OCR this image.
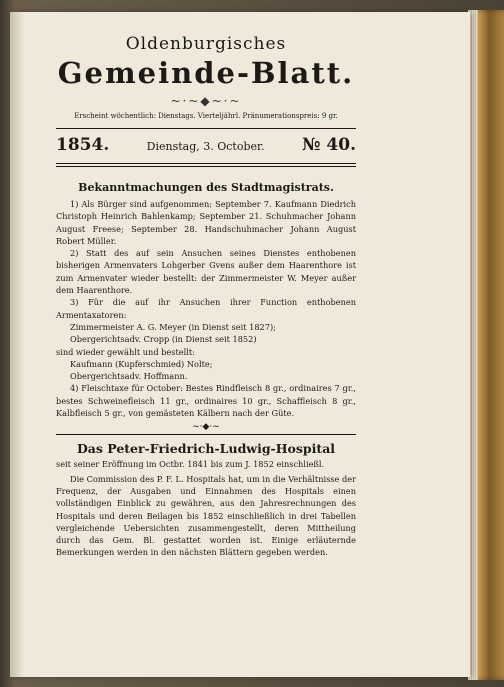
Oldenburgisches

Gemeinde-Blatt.

~·~◆~·~

Erscheint wöchentlich: Dienstags. Vierteljährl. Pränumerationspreis: 9 gr.

1854.	Dienstag, 3. October. № 40.
Bekanntmachungen des Stadtmagistrats.

1) Als Bürger sind aufgenommen: September 7. Kaufmann Diedrich Christoph Heinrich Bahlenkamp; September 21. Schuhmacher Johann August Freese; September 28. Handschuhmacher Johann August Robert Müller.

2) Statt des auf sein Ansuchen seines Dienstes enthobenen bisherigen Armenvaters Lohgerber Gvens außer dem Haarenthore ist zum Armenvater wieder bestellt: der Zimmermeister W. Meyer außer dem Haarenthore.

3) Für die auf ihr Ansuchen ihrer Function enthobenen Armentaxatoren:

Zimmermeister A. G. Meyer (in Dienst seit 1827);

Obergerichtsadv. Cropp (in Dienst seit 1852)

sind wieder gewählt und bestellt:

Kaufmann (Kupferschmied) Nolte;

Obergerichtsadv. Hoffmann.

4) Fleischtaxe für October: Bestes Rindfleisch 8 gr., ordinaires 7 gr., bestes Schweinefleisch 11 gr., ordinaires 10 gr., Schaffleisch 8 gr., Kalbfleisch 5 gr., von gemästeten Kälbern nach der Güte.

~·◆·~
Das Peter-Friedrich-Ludwig-Hospital

seit seiner Eröffnung im Octbr. 1841 bis zum J. 1852 einschließl.

Die Commission des P. F. L. Hospitals hat, um in die Verhältnisse der Frequenz, der Ausgaben und Einnahmen des Hospitals einen vollständigen Einblick zu gewähren, aus den Jahresrechnungen des Hospitals und deren Beilagen bis 1852 einschließlich in drei Tabellen vergleichende Uebersichten zusammengestellt, deren Mittheilung durch das Gem. Bl. gestattet worden ist. Einige erläuternde Bemerkungen werden in den nächsten Blättern gegeben werden.
